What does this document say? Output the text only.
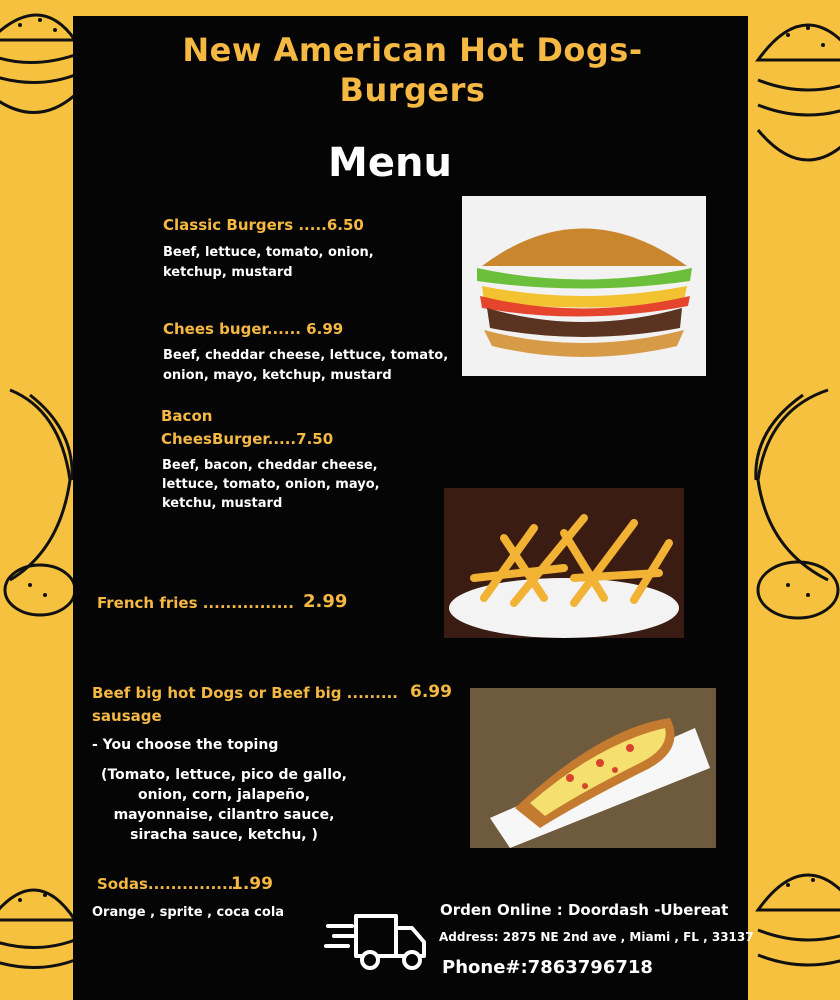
New American Hot Dogs-
Burgers
Menu
Classic Burgers .....6.50
Beef, lettuce, tomato, onion,
ketchup, mustard
Chees buger...... 6.99
Beef, cheddar cheese, lettuce, tomato,
onion, mayo, ketchup, mustard
Bacon
CheesBurger.....7.50
Beef, bacon, cheddar cheese,
lettuce, tomato, onion, mayo,
ketchu, mustard
French fries ................ 2.99
Beef big hot Dogs or Beef big ......... 6.99
sausage
- You choose the toping
(Tomato, lettuce, pico de gallo,
onion, corn, jalapeño,
mayonnaise, cilantro sauce,
siracha sauce, ketchu, )
Sodas...............
1.99
Orange , sprite , coca cola	Orden Online : Doordash -Ubereat
Address: 2875 NE 2nd ave , Miami , FL , 33137
Phone#:7863796718
